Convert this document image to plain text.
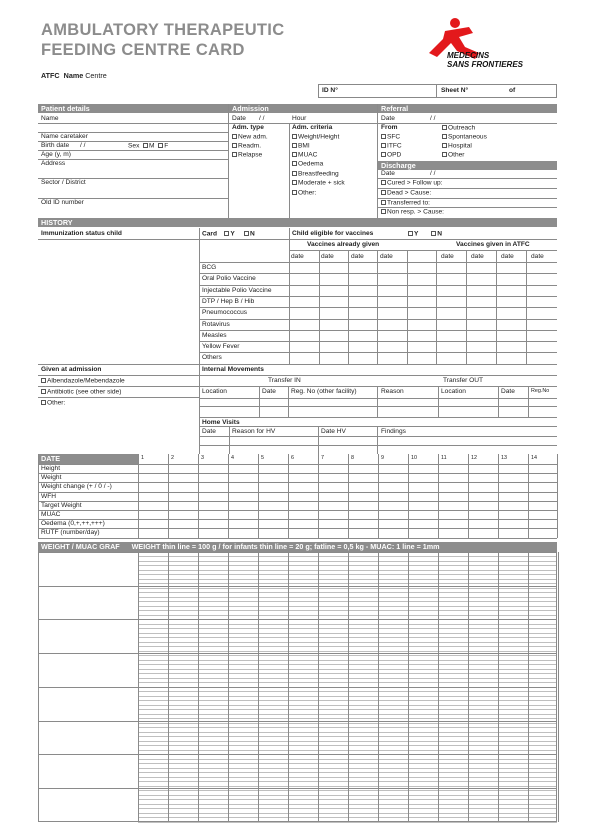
AMBULATORY THERAPEUTIC
FEEDING CENTRE CARD	MEDECINS
SANS FRONTIERES
ATFC Name Centre
ID N°	Sheet N°	of
Patient details	Admission	Referral
Name
Name caretaker
Birth date / /	Sex M F
Age (y, m)
Address
Sector / District
Old ID number
Date / /	Hour
Adm. type	Adm. criteria
New adm.
Readm.
Relapse
Weight/Height
BMI
MUAC
Oedema
Breastfeeding
Moderate + sick
Other:
Date	/ /
From
SFC
ITFC
OPD
Outreach
Spontaneous
Hospital
Other
Discharge
Date	/ /
Cured > Follow up:
Dead > Cause:
Transferred to:
Non resp. > Cause:
HISTORY
Immunization status child	Card Y N	Child eligible for vaccines	Y	N
Vaccines already given	Vaccines given in ATFC
date	date	date date	date	date	date	date
BCG
Oral Polio Vaccine
Injectable Polio Vaccine
DTP / Hep B / Hib
Pneumococcus
Rotavirus
Measles
Yellow Fever
Others
Given at admission
Albendazole/Mebendazole
Antibiotic (see other side)
Other:
Internal Movements
Transfer IN	Transfer OUT
Location	Date Reg. No (other facility)	Reason	Location	Date	Reg.No
Home Visits
Date Reason for HV	Date HV	Findings
DATE	1	2	3	4	5	6	7	8	9	10	11	12	13	14
Height
Weight
Weight change (+ / 0 / -)
WFH
Target Weight
MUAC
Oedema (0,+,++,+++)
RUTF (number/day)
WEIGHT / MUAC GRAF WEIGHT thin line = 100 g / for infants thin line = 20 g; fatline = 0,5 kg - MUAC: 1 line = 1mm
